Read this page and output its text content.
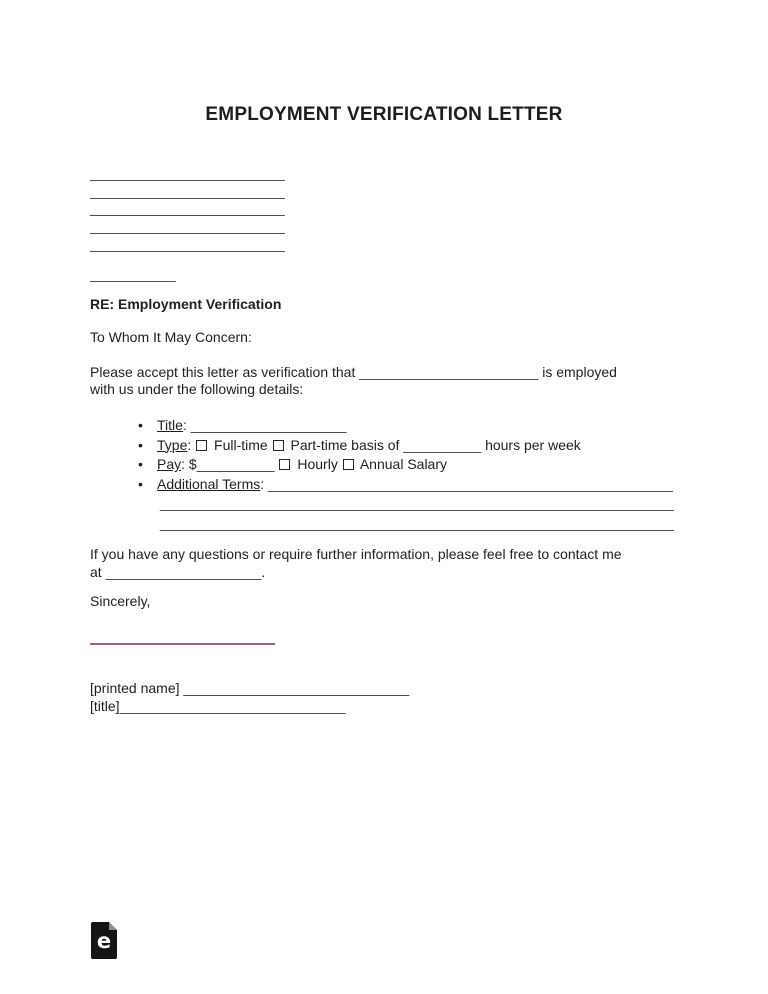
EMPLOYMENT VERIFICATION LETTER
_________________________
_________________________
_________________________
_________________________
_________________________
___________
RE: Employment Verification
To Whom It May Concern:
Please accept this letter as verification that _______________________ is employed
with us under the following details:
• Title: ____________________
• Type: Full-time Part-time basis of __________ hours per week
• Pay: $__________ Hourly Annual Salary
• Additional Terms: ____________________________________________________
__________________________________________________________________
__________________________________________________________________
If you have any questions or require further information, please feel free to contact me
at ____________________.
Sincerely,
[printed name] _____________________________
[title]_____________________________
e
